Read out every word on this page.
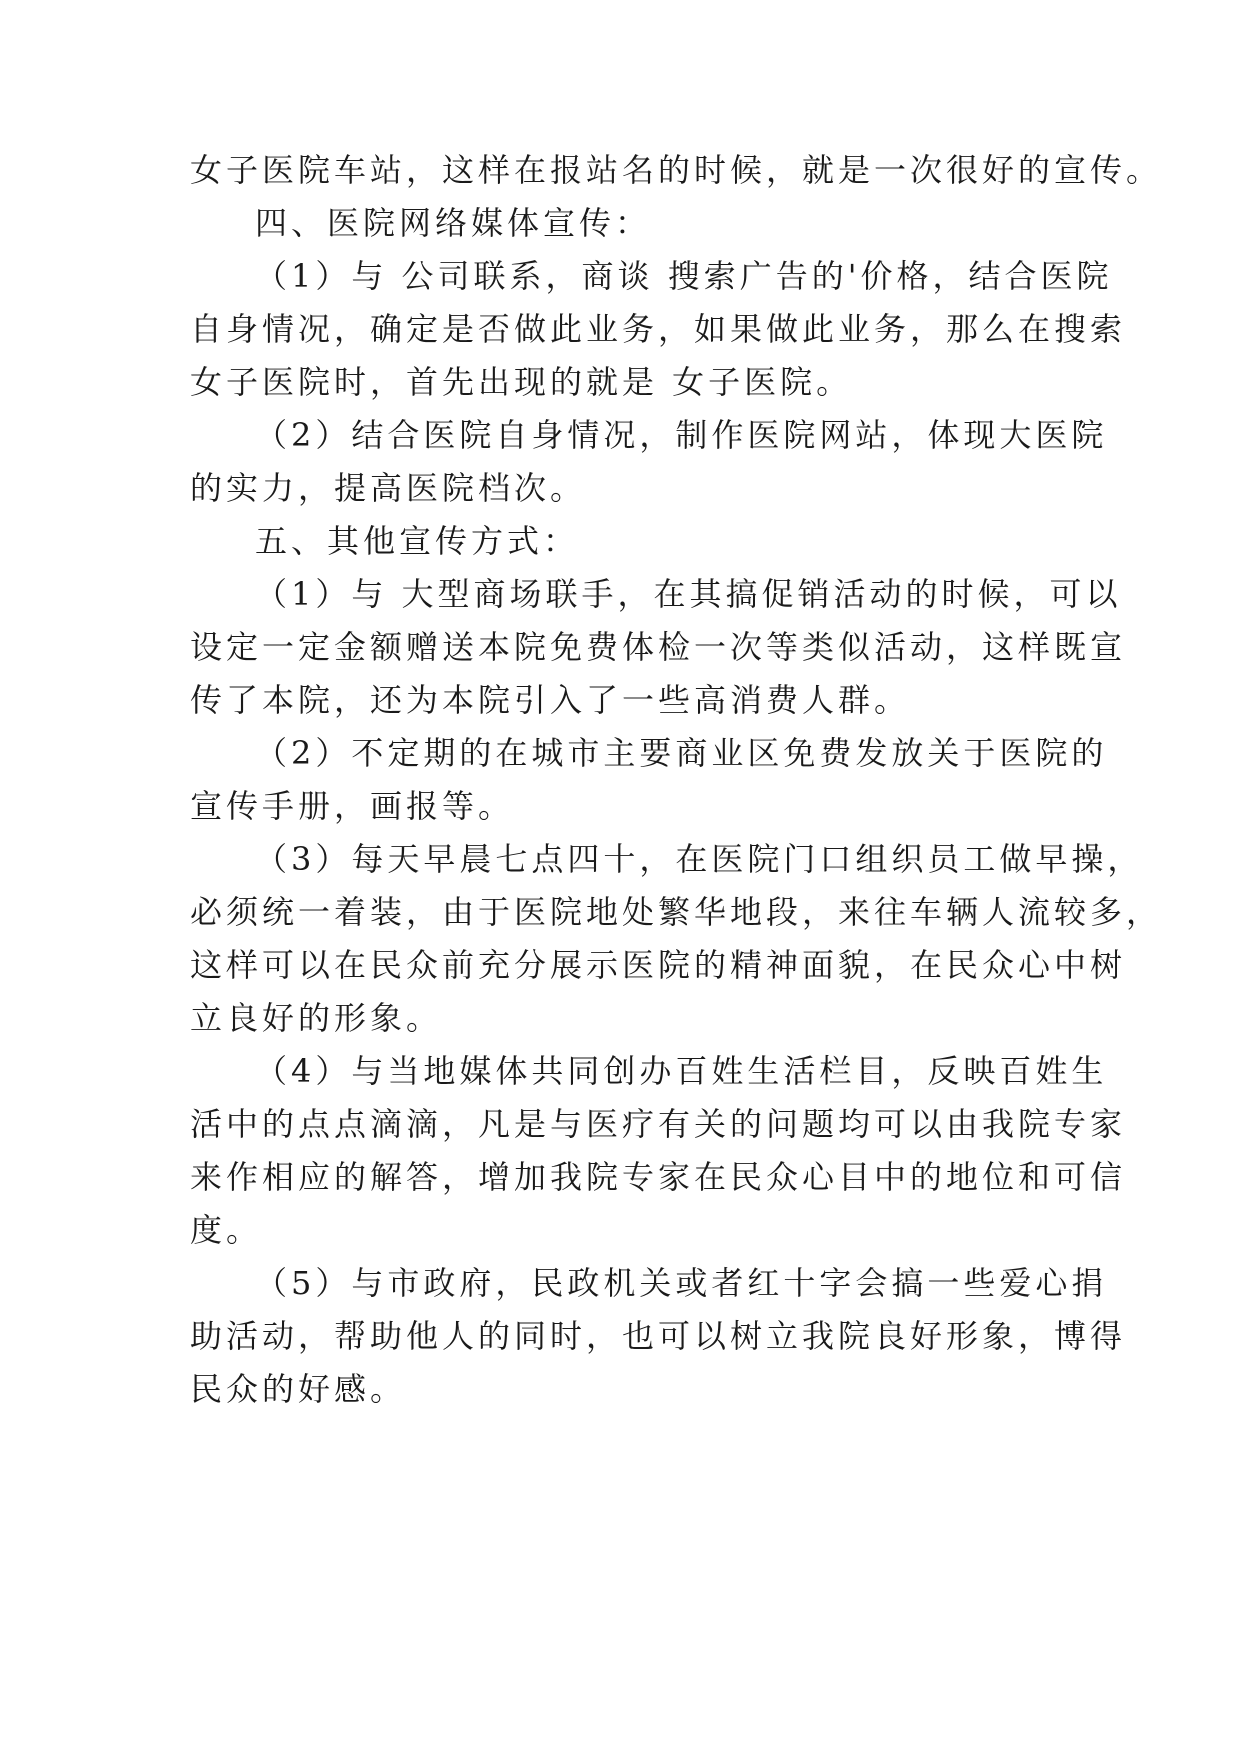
女子医院车站，这样在报站名的时候，就是一次很好的宣传。
四、医院网络媒体宣传：
（1）与 公司联系，商谈 搜索广告的'价格，结合医院
自身情况，确定是否做此业务，如果做此业务，那么在搜索
女子医院时，首先出现的就是 女子医院。
（2）结合医院自身情况，制作医院网站，体现大医院
的实力，提高医院档次。
五、其他宣传方式：
（1）与 大型商场联手，在其搞促销活动的时候，可以
设定一定金额赠送本院免费体检一次等类似活动，这样既宣
传了本院，还为本院引入了一些高消费人群。
（2）不定期的在城市主要商业区免费发放关于医院的
宣传手册，画报等。
（3）每天早晨七点四十，在医院门口组织员工做早操，
必须统一着装，由于医院地处繁华地段，来往车辆人流较多，
这样可以在民众前充分展示医院的精神面貌，在民众心中树
立良好的形象。
（4）与当地媒体共同创办百姓生活栏目，反映百姓生
活中的点点滴滴，凡是与医疗有关的问题均可以由我院专家
来作相应的解答，增加我院专家在民众心目中的地位和可信
度。
（5）与市政府，民政机关或者红十字会搞一些爱心捐
助活动，帮助他人的同时，也可以树立我院良好形象，博得
民众的好感。
